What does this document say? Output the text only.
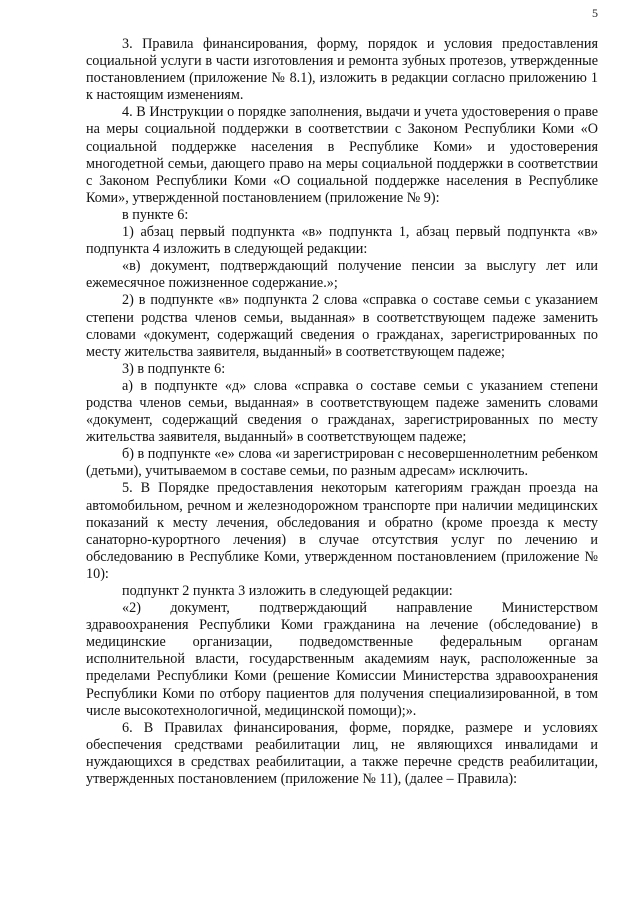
5

3. Правила финансирования, форму, порядок и условия предоставления социальной услуги в части изготовления и ремонта зубных протезов, утвержденные постановлением (приложение № 8.1), изложить в редакции согласно приложению 1 к настоящим изменениям.

4. В Инструкции о порядке заполнения, выдачи и учета удостоверения о праве на меры социальной поддержки в соответствии с Законом Республики Коми «О социальной поддержке населения в Республике Коми» и удостоверения многодетной семьи, дающего право на меры социальной поддержки в соответствии с Законом Республики Коми «О социальной поддержке населения в Республике Коми», утвержденной постановлением (приложение № 9):

в пункте 6:

1) абзац первый подпункта «в» подпункта 1, абзац первый подпункта «в» подпункта 4 изложить в следующей редакции:

«в) документ, подтверждающий получение пенсии за выслугу лет или ежемесячное пожизненное содержание.»;

2) в подпункте «в» подпункта 2 слова «справка о составе семьи с указанием степени родства членов семьи, выданная» в соответствующем падеже заменить словами «документ, содержащий сведения о гражданах, зарегистрированных по месту жительства заявителя, выданный» в соответствующем падеже;

3) в подпункте 6:

а) в подпункте «д» слова «справка о составе семьи с указанием степени родства членов семьи, выданная» в соответствующем падеже заменить словами «документ, содержащий сведения о гражданах, зарегистрированных по месту жительства заявителя, выданный» в соответствующем падеже;

б) в подпункте «е» слова «и зарегистрирован с несовершеннолетним ребенком (детьми), учитываемом в составе семьи, по разным адресам» исключить.

5. В Порядке предоставления некоторым категориям граждан проезда на автомобильном, речном и железнодорожном транспорте при наличии медицинских показаний к месту лечения, обследования и обратно (кроме проезда к месту санаторно-курортного лечения) в случае отсутствия услуг по лечению и обследованию в Республике Коми, утвержденном постановлением (приложение № 10):

подпункт 2 пункта 3 изложить в следующей редакции:

«2) документ, подтверждающий направление Министерством здравоохранения Республики Коми гражданина на лечение (обследование) в медицинские организации, подведомственные федеральным органам исполнительной власти, государственным академиям наук, расположенные за пределами Республики Коми (решение Комиссии Министерства здравоохранения Республики Коми по отбору пациентов для получения специализированной, в том числе высокотехнологичной, медицинской помощи);».

6. В Правилах финансирования, форме, порядке, размере и условиях обеспечения средствами реабилитации лиц, не являющихся инвалидами и нуждающихся в средствах реабилитации, а также перечне средств реабилитации, утвержденных постановлением (приложение № 11), (далее – Правила):
